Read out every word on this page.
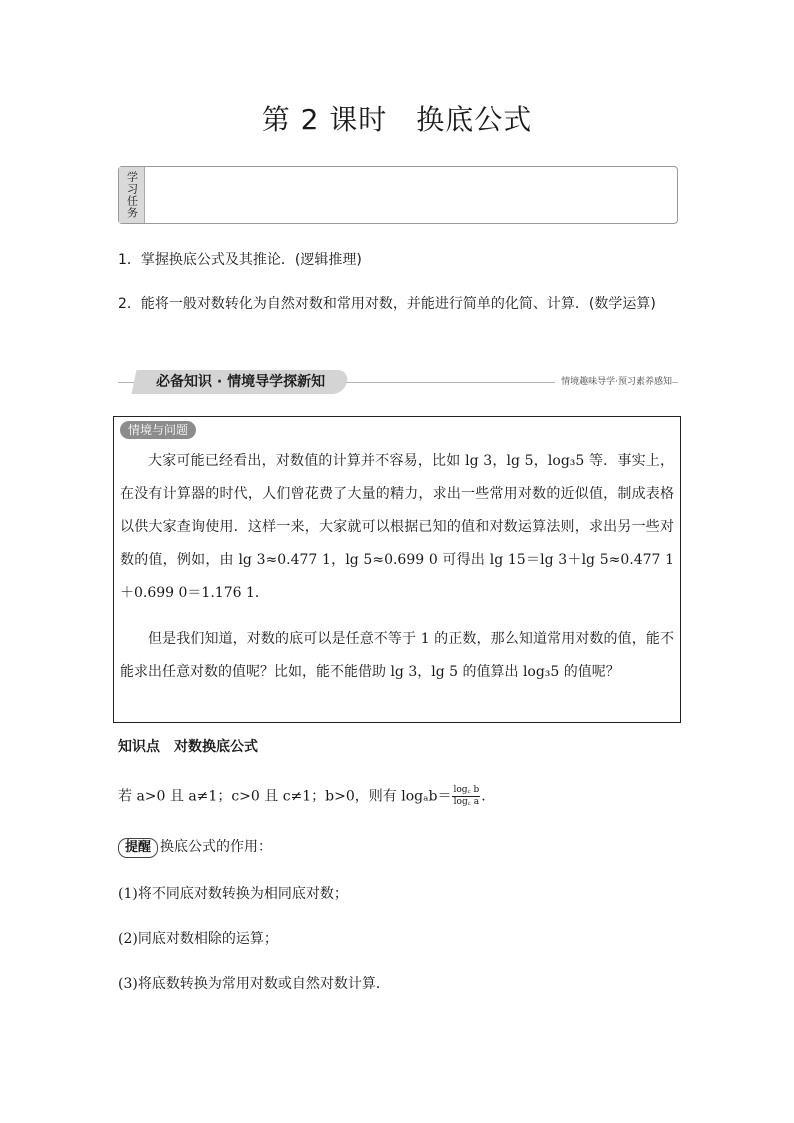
第 2 课时　换底公式
学习任务
1．掌握换底公式及其推论．(逻辑推理)
2．能将一般对数转化为自然对数和常用对数，并能进行简单的化简、计算．(数学运算)
必备知识 · 情境导学探新知	情境趣味导学·预习素养感知
情境与问题
大家可能已经看出，对数值的计算并不容易，比如 lg 3，lg 5，log₃5 等．事实上，在没有计算器的时代，人们曾花费了大量的精力，求出一些常用对数的近似值，制成表格以供大家查询使用．这样一来，大家就可以根据已知的值和对数运算法则，求出另一些对数的值，例如，由 lg 3≈0.477 1，lg 5≈0.699 0 可得出 lg 15＝lg 3＋lg 5≈0.477 1＋0.699 0＝1.176 1．
但是我们知道，对数的底可以是任意不等于 1 的正数，那么知道常用对数的值，能不能求出任意对数的值呢？比如，能不能借助 lg 3，lg 5 的值算出 log₃5 的值呢？
知识点　对数换底公式
若 a>0 且 a≠1；c>0 且 c≠1；b>0，则有 $\log_ab= \frac{\log꜀ b}{\log꜀ a}$ .
提醒 换底公式的作用：
(1)将不同底对数转换为相同底对数；
(2)同底对数相除的运算；
(3)将底数转换为常用对数或自然对数计算．
